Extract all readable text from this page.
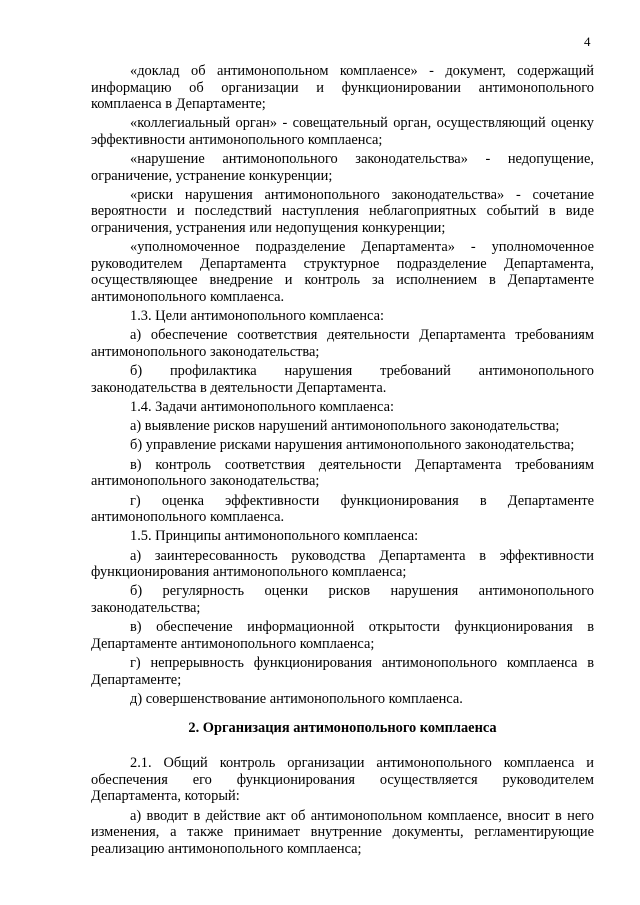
4

«доклад об антимонопольном комплаенсе» - документ, содержащий информацию об организации и функционировании антимонопольного комплаенса в Департаменте;

«коллегиальный орган» - совещательный орган, осуществляющий оценку эффективности антимонопольного комплаенса;

«нарушение антимонопольного законодательства» - недопущение, ограничение, устранение конкуренции;

«риски нарушения антимонопольного законодательства» - сочетание вероятности и последствий наступления неблагоприятных событий в виде ограничения, устранения или недопущения конкуренции;

«уполномоченное подразделение Департамента» - уполномоченное руководителем Департамента структурное подразделение Департамента, осуществляющее внедрение и контроль за исполнением в Департаменте антимонопольного комплаенса.

1.3. Цели антимонопольного комплаенса:

а) обеспечение соответствия деятельности Департамента требованиям антимонопольного законодательства;

б) профилактика нарушения требований антимонопольного законодательства в деятельности Департамента.

1.4. Задачи антимонопольного комплаенса:

а) выявление рисков нарушений антимонопольного законодательства;

б) управление рисками нарушения антимонопольного законодательства;

в) контроль соответствия деятельности Департамента требованиям антимонопольного законодательства;

г) оценка эффективности функционирования в Департаменте антимонопольного комплаенса.

1.5. Принципы антимонопольного комплаенса:

а) заинтересованность руководства Департамента в эффективности функционирования антимонопольного комплаенса;

б) регулярность оценки рисков нарушения антимонопольного законодательства;

в) обеспечение информационной открытости функционирования в Департаменте антимонопольного комплаенса;

г) непрерывность функционирования антимонопольного комплаенса в Департаменте;

д) совершенствование антимонопольного комплаенса.

2. Организация антимонопольного комплаенса

2.1. Общий контроль организации антимонопольного комплаенса и обеспечения его функционирования осуществляется руководителем Департамента, который:

а) вводит в действие акт об антимонопольном комплаенсе, вносит в него изменения, а также принимает внутренние документы, регламентирующие реализацию антимонопольного комплаенса;
